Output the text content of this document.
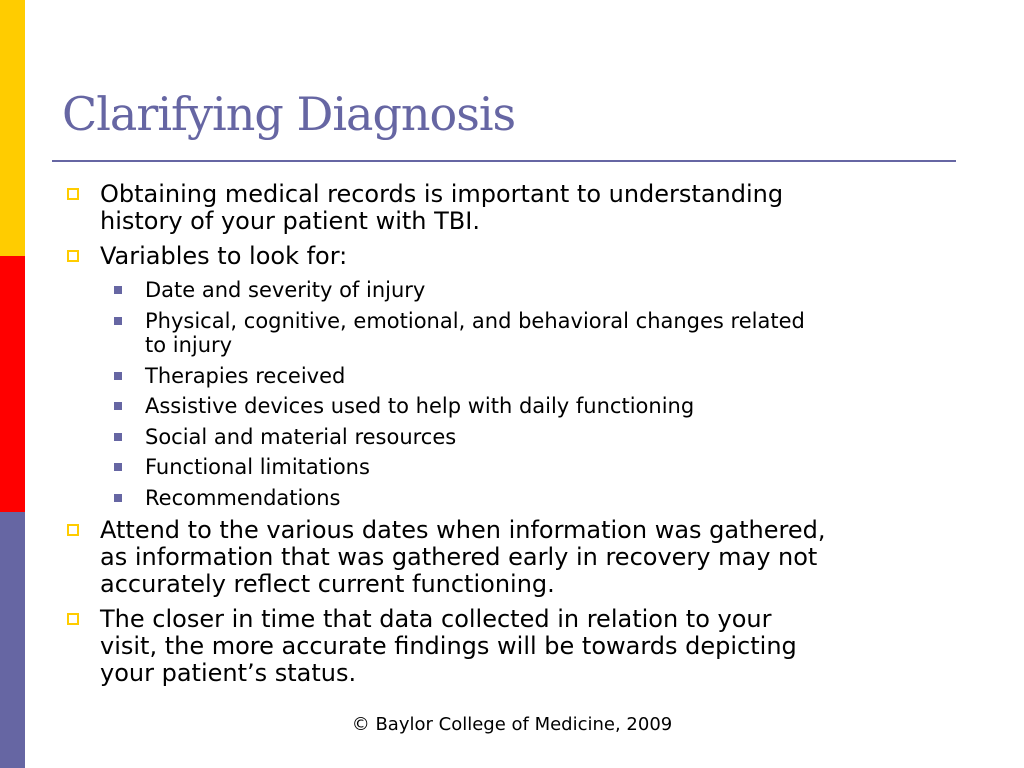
Clarifying Diagnosis
Obtaining medical records is important to understanding
history of your patient with TBI.
Variables to look for:
Date and severity of injury
Physical, cognitive, emotional, and behavioral changes related
to injury
Therapies received
Assistive devices used to help with daily functioning
Social and material resources
Functional limitations
Recommendations
Attend to the various dates when information was gathered,
as information that was gathered early in recovery may not
accurately reflect current functioning.
The closer in time that data collected in relation to your
visit, the more accurate findings will be towards depicting
your patient’s status.
© Baylor College of Medicine, 2009
